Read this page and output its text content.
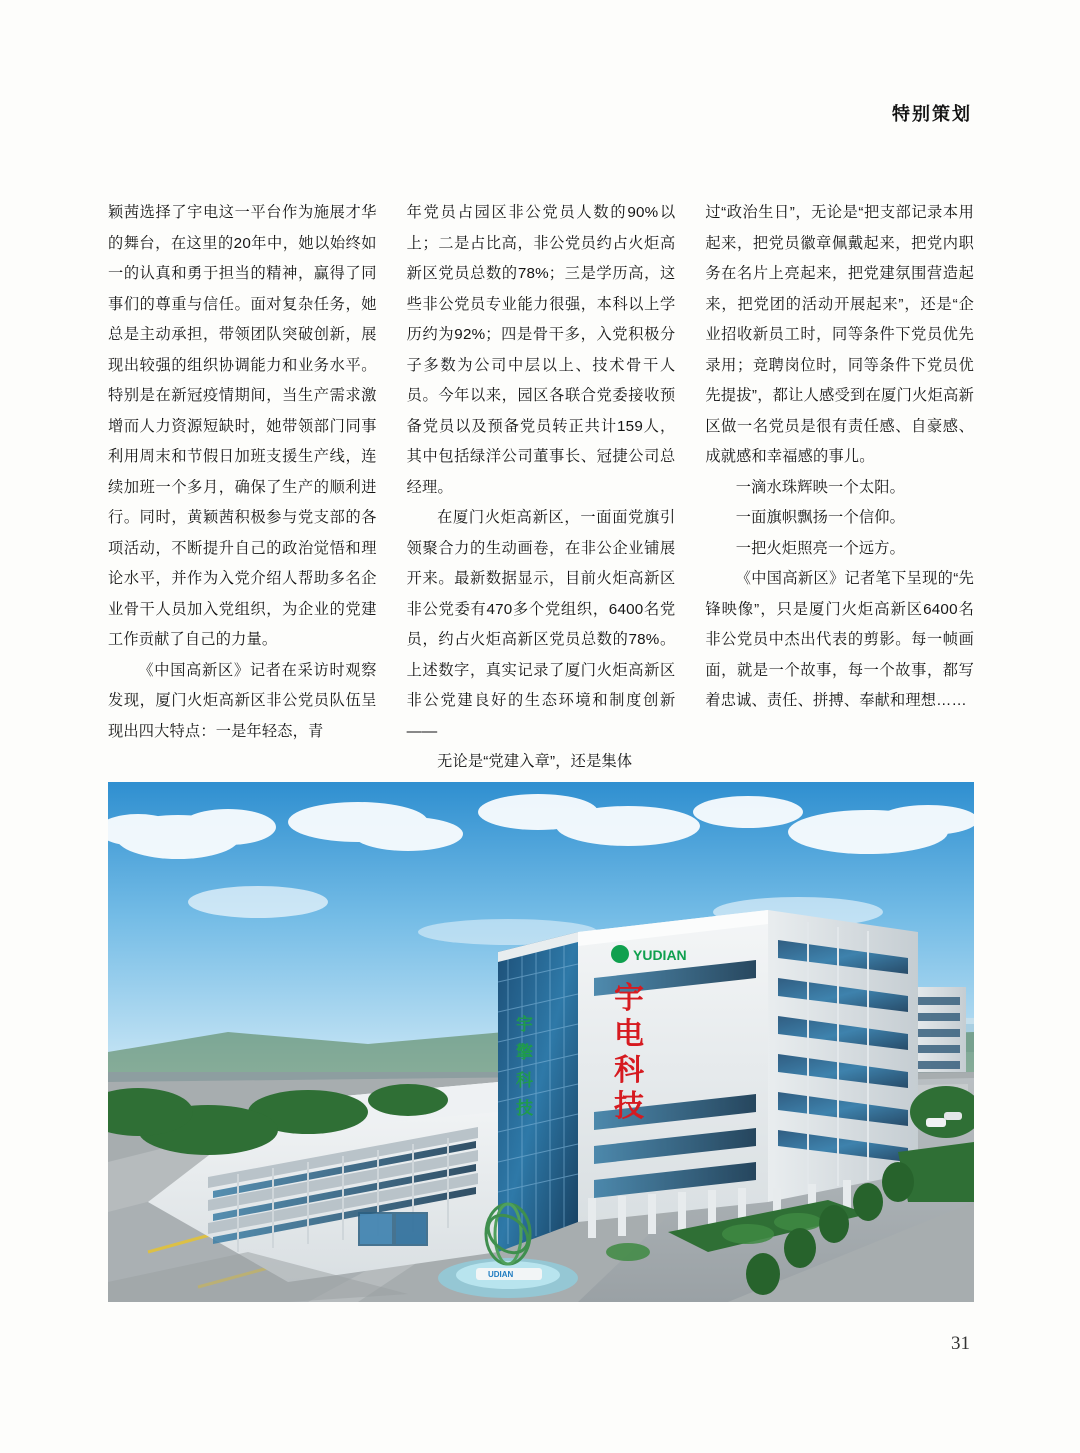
特别策划

颖茜选择了宇电这一平台作为施展才华的舞台，在这里的20年中，她以始终如一的认真和勇于担当的精神，赢得了同事们的尊重与信任。面对复杂任务，她总是主动承担，带领团队突破创新，展现出较强的组织协调能力和业务水平。特别是在新冠疫情期间，当生产需求激增而人力资源短缺时，她带领部门同事利用周末和节假日加班支援生产线，连续加班一个多月，确保了生产的顺利进行。同时，黄颖茜积极参与党支部的各项活动，不断提升自己的政治觉悟和理论水平，并作为入党介绍人帮助多名企业骨干人员加入党组织，为企业的党建工作贡献了自己的力量。

《中国高新区》记者在采访时观察发现，厦门火炬高新区非公党员队伍呈现出四大特点：一是年轻态，青

年党员占园区非公党员人数的90%以上；二是占比高，非公党员约占火炬高新区党员总数的78%；三是学历高，这些非公党员专业能力很强，本科以上学历约为92%；四是骨干多，入党积极分子多数为公司中层以上、技术骨干人员。今年以来，园区各联合党委接收预备党员以及预备党员转正共计159人，其中包括绿洋公司董事长、冠捷公司总经理。

在厦门火炬高新区，一面面党旗引领聚合力的生动画卷，在非公企业铺展开来。最新数据显示，目前火炬高新区非公党委有470多个党组织，6400名党员，约占火炬高新区党员总数的78%。上述数字，真实记录了厦门火炬高新区非公党建良好的生态环境和制度创新——

无论是“党建入章”，还是集体

过“政治生日”，无论是“把支部记录本用起来，把党员徽章佩戴起来，把党内职务在名片上亮起来，把党建氛围营造起来，把党团的活动开展起来”，还是“企业招收新员工时，同等条件下党员优先录用；竞聘岗位时，同等条件下党员优先提拔”，都让人感受到在厦门火炬高新区做一名党员是很有责任感、自豪感、成就感和幸福感的事儿。

一滴水珠辉映一个太阳。

一面旗帜飘扬一个信仰。

一把火炬照亮一个远方。

《中国高新区》记者笔下呈现的“先锋映像”，只是厦门火炬高新区6400名非公党员中杰出代表的剪影。每一帧画面，就是一个故事，每一个故事，都写着忠诚、责任、拼搏、奉献和理想……

宇
擎
科
技
YUDIAN
宇
电
科
技
UDIAN
31
